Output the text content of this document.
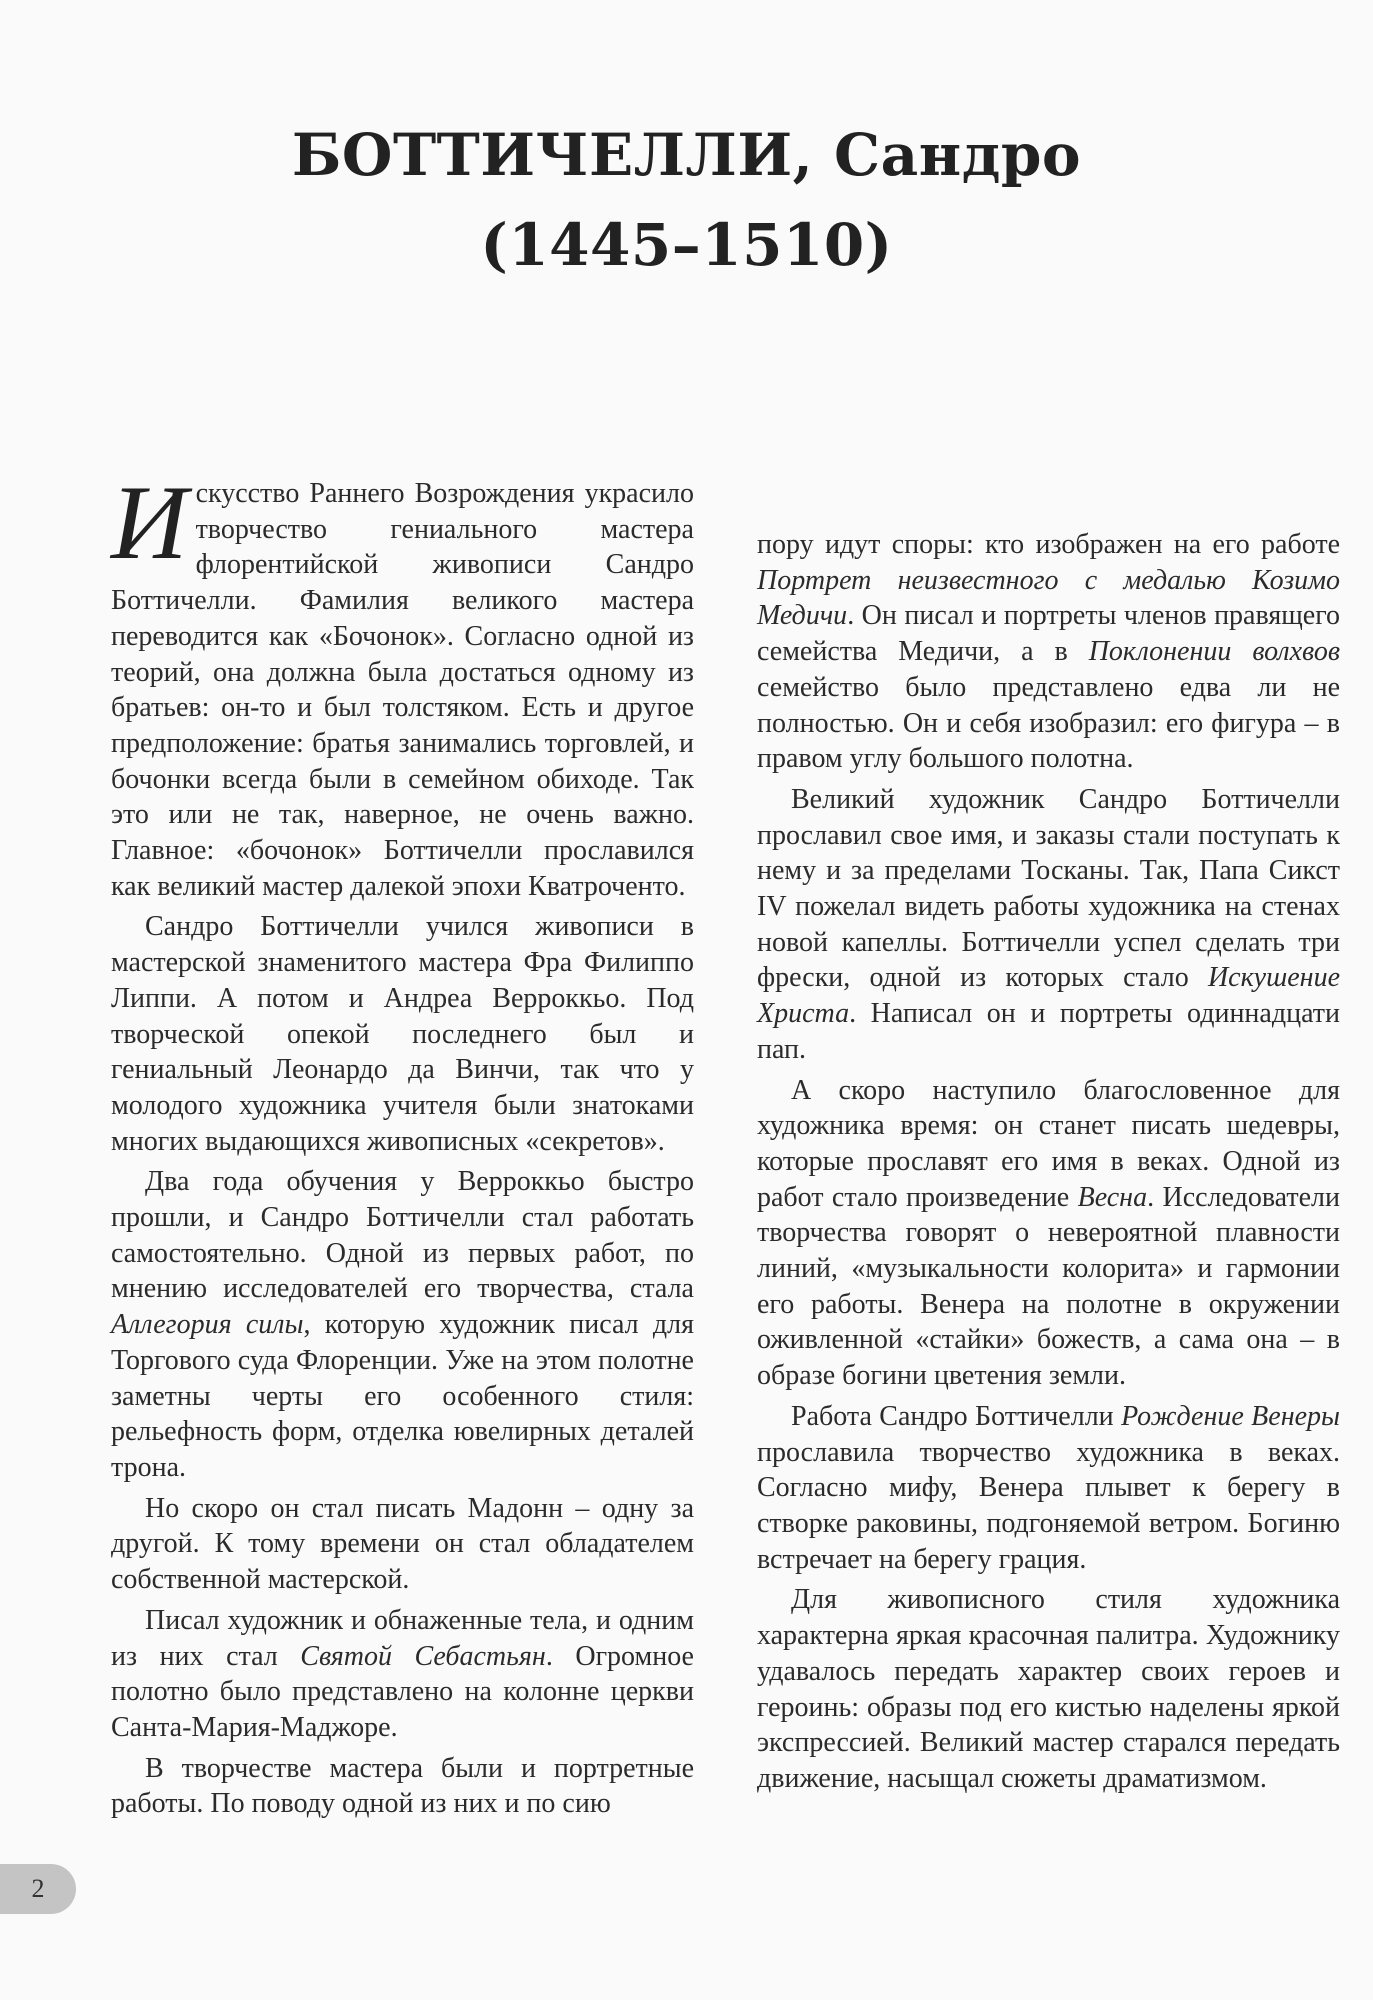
БОТТИЧЕЛЛИ, Сандро
(1445–1510)

Искусство Раннего Возрождения украсило творчество гениального мастера флорентийской живописи Сандро Боттичелли. Фамилия великого мастера переводится как «Бочонок». Согласно одной из теорий, она должна была достаться одному из братьев: он-то и был толстяком. Есть и другое предположение: братья занимались торговлей, и бочонки всегда были в семейном обиходе. Так это или не так, наверное, не очень важно. Главное: «бочонок» Боттичелли прославился как великий мастер далекой эпохи Кватроченто.

Сандро Боттичелли учился живописи в мастерской знаменитого мастера Фра Филиппо Липпи. А потом и Андреа Верроккьо. Под творческой опекой последнего был и гениальный Леонардо да Винчи, так что у молодого художника учителя были знатоками многих выдающихся живописных «секретов».

Два года обучения у Верроккьо быстро прошли, и Сандро Боттичелли стал работать самостоятельно. Одной из первых работ, по мнению исследователей его творчества, стала Аллегория силы, которую художник писал для Торгового суда Флоренции. Уже на этом полотне заметны черты его особенного стиля: рельефность форм, отделка ювелирных деталей трона.

Но скоро он стал писать Мадонн – одну за другой. К тому времени он стал обладателем собственной мастерской.

Писал художник и обнаженные тела, и одним из них стал Святой Себастьян. Огромное полотно было представлено на колонне церкви Санта-Мария-Маджоре.

В творчестве мастера были и портретные работы. По поводу одной из них и по сию

пору идут споры: кто изображен на его работе Портрет неизвестного с медалью Козимо Медичи. Он писал и портреты членов правящего семейства Медичи, а в Поклонении волхвов семейство было представлено едва ли не полностью. Он и себя изобразил: его фигура – в правом углу большого полотна.

Великий художник Сандро Боттичелли прославил свое имя, и заказы стали поступать к нему и за пределами Тосканы. Так, Папа Сикст IV пожелал видеть работы художника на стенах новой капеллы. Боттичелли успел сделать три фрески, одной из которых стало Искушение Христа. Написал он и портреты одиннадцати пап.

А скоро наступило благословенное для художника время: он станет писать шедевры, которые прославят его имя в веках. Одной из работ стало произведение Весна. Исследователи творчества говорят о невероятной плавности линий, «музыкальности колорита» и гармонии его работы. Венера на полотне в окружении оживленной «стайки» божеств, а сама она – в образе богини цветения земли.

Работа Сандро Боттичелли Рождение Венеры прославила творчество художника в веках. Согласно мифу, Венера плывет к берегу в створке раковины, подгоняемой ветром. Богиню встречает на берегу грация.

Для живописного стиля художника характерна яркая красочная палитра. Художнику удавалось передать характер своих героев и героинь: образы под его кистью наделены яркой экспрессией. Великий мастер старался передать движение, насыщал сюжеты драматизмом.

2
